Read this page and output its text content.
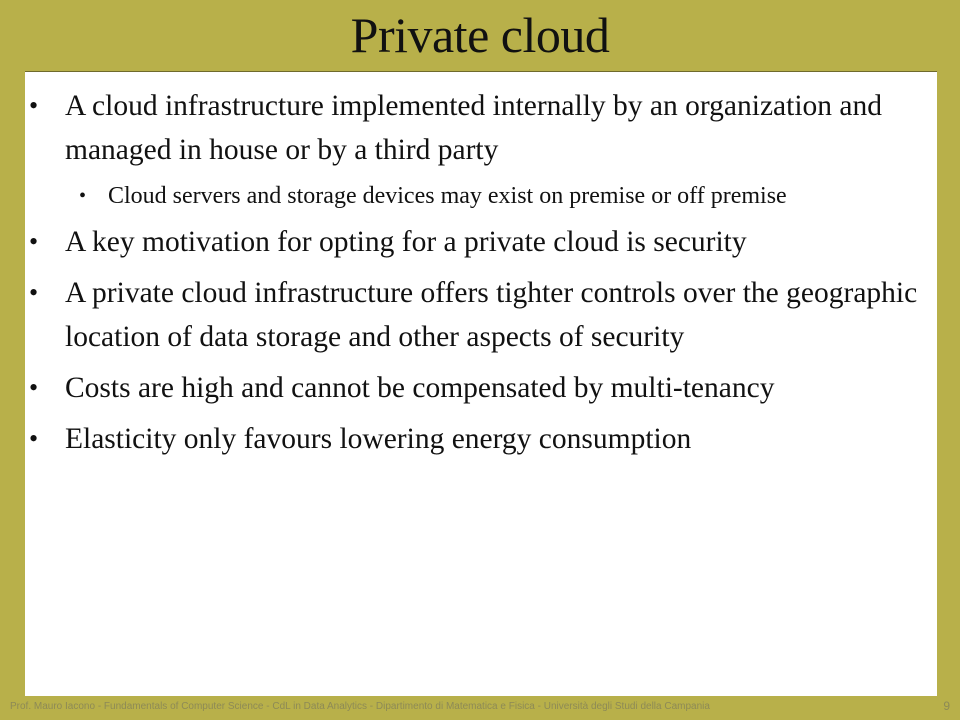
Private cloud
• A cloud infrastructure implemented internally by an organization and managed in house or by a third party
• Cloud servers and storage devices may exist on premise or off premise
• A key motivation for opting for a private cloud is security
• A private cloud infrastructure offers tighter controls over the geographic location of data storage and other aspects of security
• Costs are high and cannot be compensated by multi-tenancy
• Elasticity only favours lowering energy consumption
Prof. Mauro Iacono - Fundamentals of Computer Science - CdL in Data Analytics - Dipartimento di Matematica e Fisica - Università degli Studi della Campania	9
